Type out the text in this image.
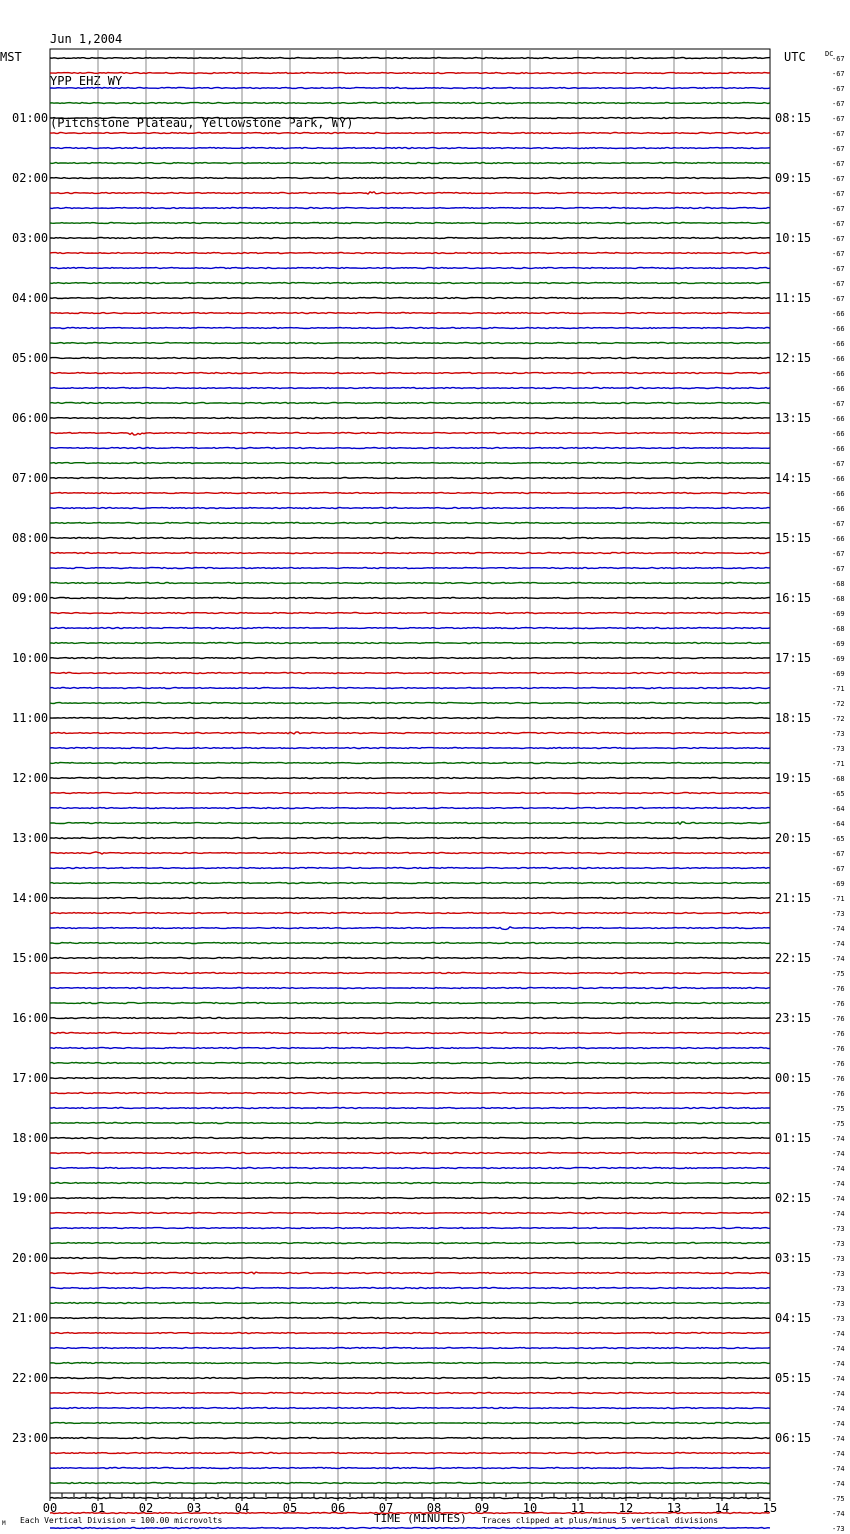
Jun 1,2004

YPP EHZ WY

(Pitchstone Plateau, Yellowstone Park, WY)

MST	UTC	DC
01:00
02:00
03:00
04:00
05:00
06:00
07:00
08:00
09:00
10:00
11:00
12:00
13:00
14:00
15:00
16:00
17:00
18:00
19:00
20:00
21:00
22:00
23:00
08:15
09:15
10:15
11:15
12:15
13:15
14:15
15:15
16:15
17:15
18:15
19:15
20:15
21:15
22:15
23:15
00:15
01:15
02:15
03:15
04:15
05:15
06:15
-67
-67
-67
-67
-67
-67
-67
-67
-67
-67
-67
-67
-67
-67
-67
-67
-67
-66
-66
-66
-66
-66
-66
-67
-66
-66
-66
-67
-66
-66
-66
-67
-66
-67
-67
-68
-68
-69
-68
-69
-69
-69
-71
-72
-72
-73
-73
-71
-68
-65
-64
-64
-65
-67
-67
-69
-71
-73
-74
-74
-74
-75
-76
-76
-76
-76
-76
-76
-76
-76
-75
-75
-74
-74
-74
-74
-74
-74
-73
-73
-73
-73
-73
-73
-73
-74
-74
-74
-74
-74
-74
-74
-74
-74
-74
-74
-75
-74
-73
00	01	02	03	04	05	06	07	08	09	10	11	12	13	14	15
M Each Vertical Division = 100.00 microvolts	TIME (MINUTES) Traces clipped at plus/minus 5 vertical divisions
